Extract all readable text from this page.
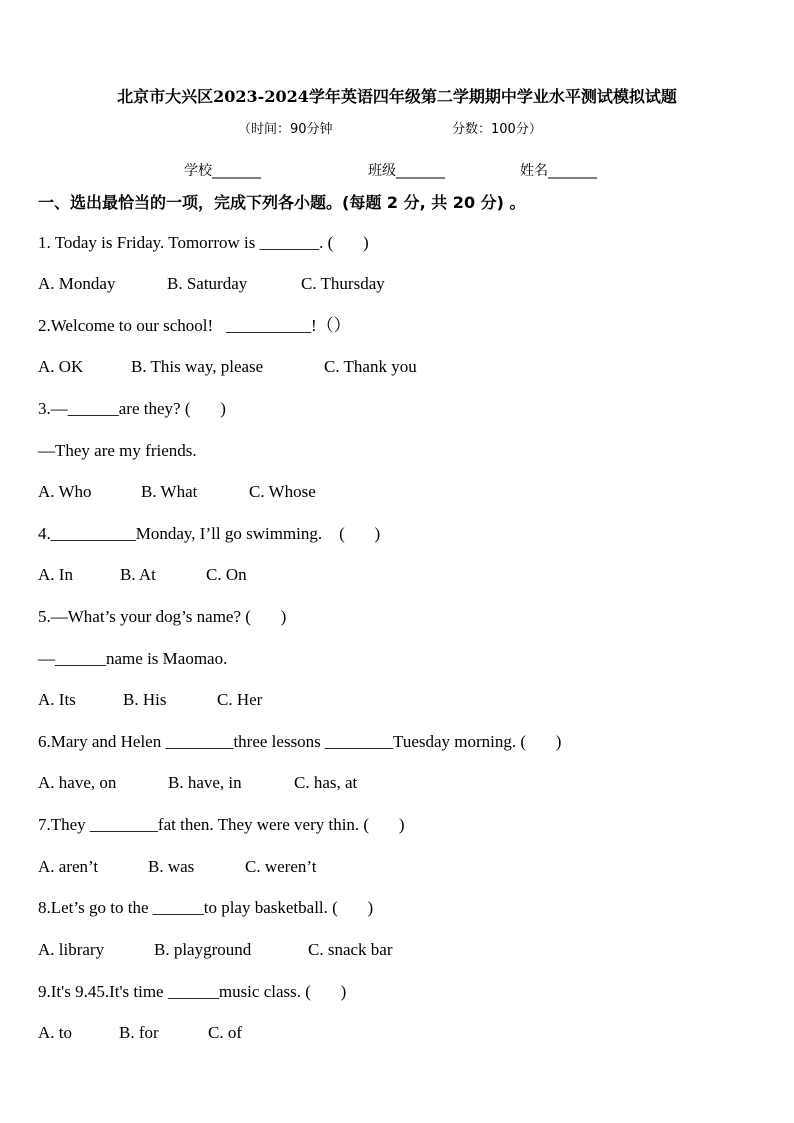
北京市大兴区2023-2024学年英语四年级第二学期期中学业水平测试模拟试题
（时间：90分钟	分数：100分）
学校_______	班级_______	姓名_______
一、选出最恰当的一项，完成下列各小题。(每题 2 分, 共 20 分) 。
1. Today is Friday. Tomorrow is _______. (       )
A. Monday	B. Saturday	C. Thursday
2.Welcome to our school!   __________!（）
A. OK	B. This way, please	C. Thank you
3.—______are they? (       )
—They are my friends.
A. Who	B. What	C. Whose
4.__________Monday, I’ll go swimming.    (       )
A. In	B. At	C. On
5.—What’s your dog’s name? (       )
—______name is Maomao.
A. Its	B. His	C. Her
6.Mary and Helen ________three lessons ________Tuesday morning. (       )
A. have, on	B. have, in	C. has, at
7.They ________fat then. They were very thin. (       )
A. aren’t	B. was	C. weren’t
8.Let’s go to the ______to play basketball. (       )
A. library	B. playground	C. snack bar
9.It's 9.45.It's time ______music class. (       )
A. to	B. for	C. of
